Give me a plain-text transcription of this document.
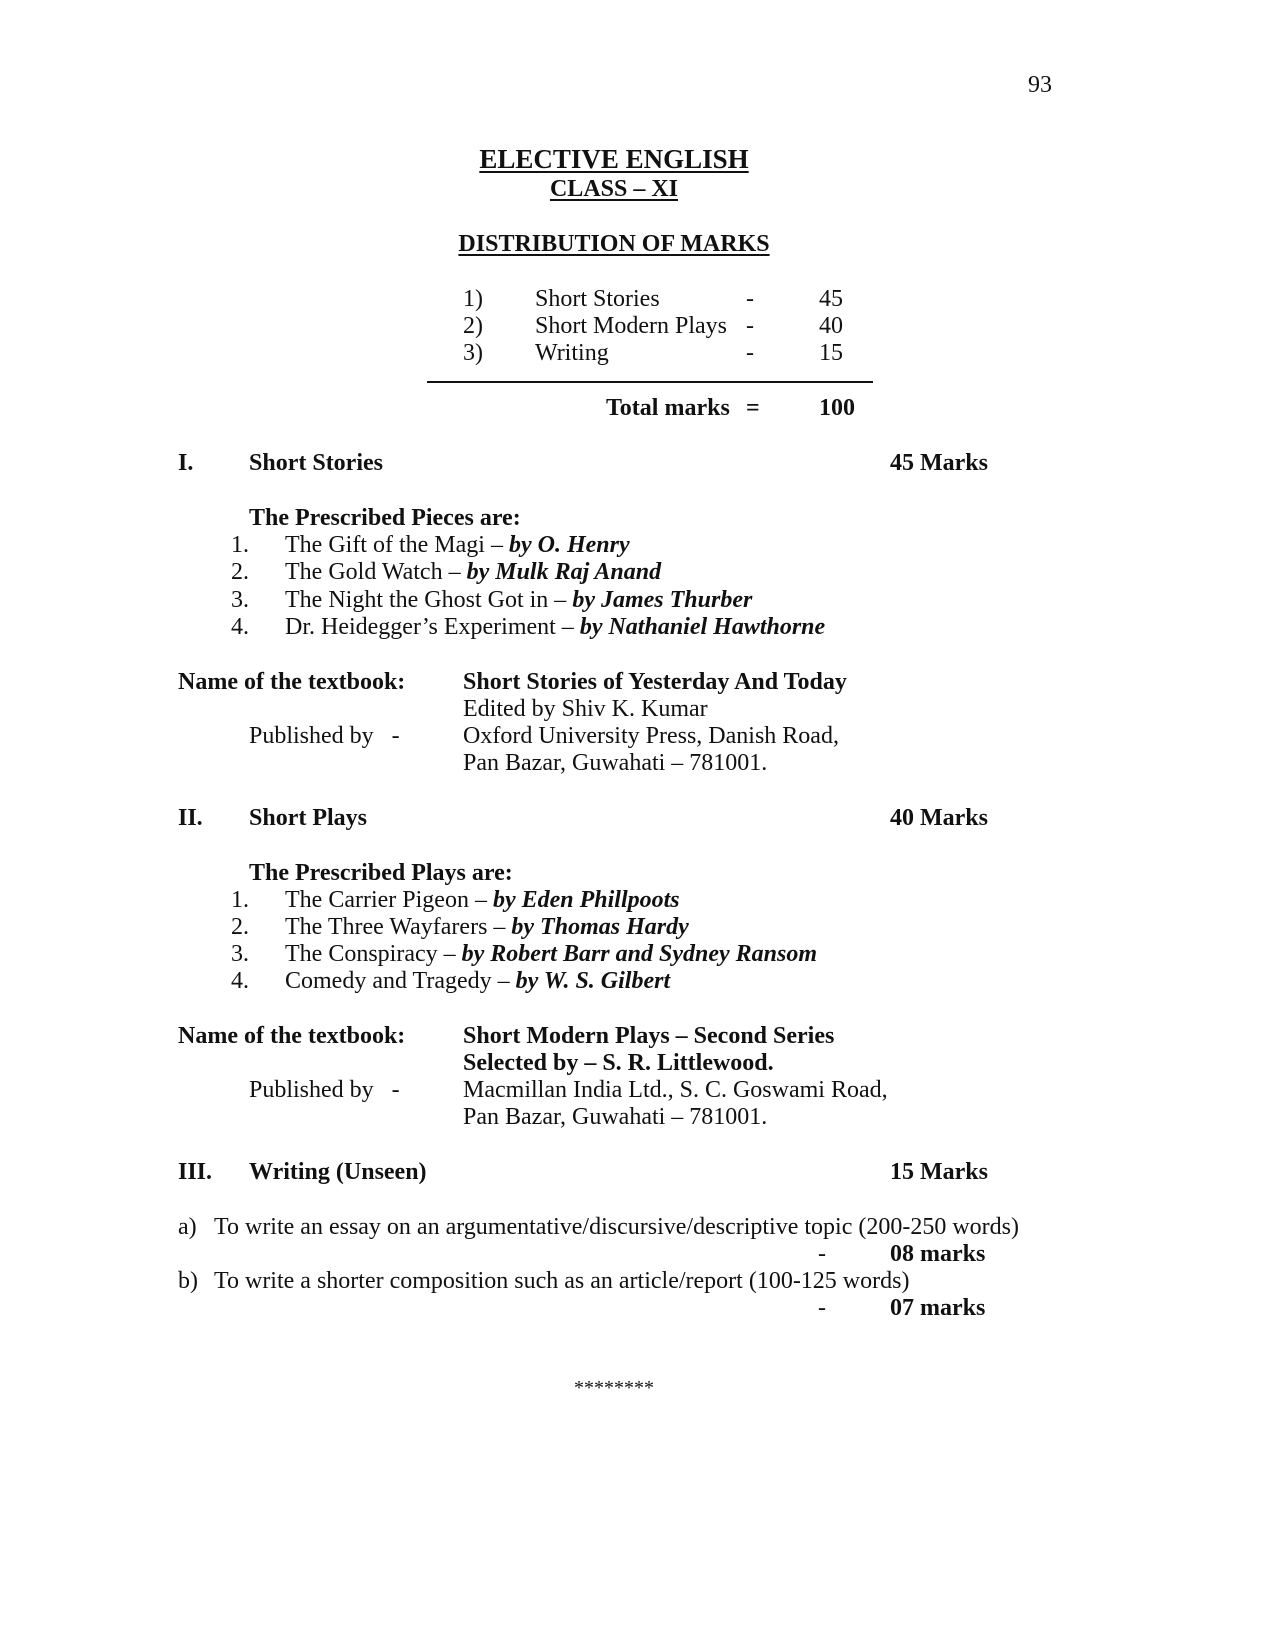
93
ELECTIVE ENGLISH
CLASS – XI
DISTRIBUTION OF MARKS
1) Short Stories	-	45
2) Short Modern Plays -	40
3) Writing	-	15
Total marks = 100
I. Short Stories	45 Marks
The Prescribed Pieces are:
1. The Gift of the Magi – by O. Henry
2. The Gold Watch – by Mulk Raj Anand
3. The Night the Ghost Got in – by James Thurber
4. Dr. Heidegger’s Experiment – by Nathaniel Hawthorne
Name of the textbook: Short Stories of Yesterday And Today
Edited by Shiv K. Kumar
Published by   -	Oxford University Press, Danish Road,
Pan Bazar, Guwahati – 781001.
II. Short Plays	40 Marks
The Prescribed Plays are:
1. The Carrier Pigeon – by Eden Phillpoots
2. The Three Wayfarers – by Thomas Hardy
3. The Conspiracy – by Robert Barr and Sydney Ransom
4. Comedy and Tragedy – by W. S. Gilbert
Name of the textbook: Short Modern Plays – Second Series
Selected by – S. R. Littlewood.
Published by   -	Macmillan India Ltd., S. C. Goswami Road,
Pan Bazar, Guwahati – 781001.
III. Writing (Unseen)	15 Marks
a) To write an essay on an argumentative/discursive/descriptive topic (200-250 words)
-	08 marks
b) To write a shorter composition such as an article/report (100-125 words)
-	07 marks
********
